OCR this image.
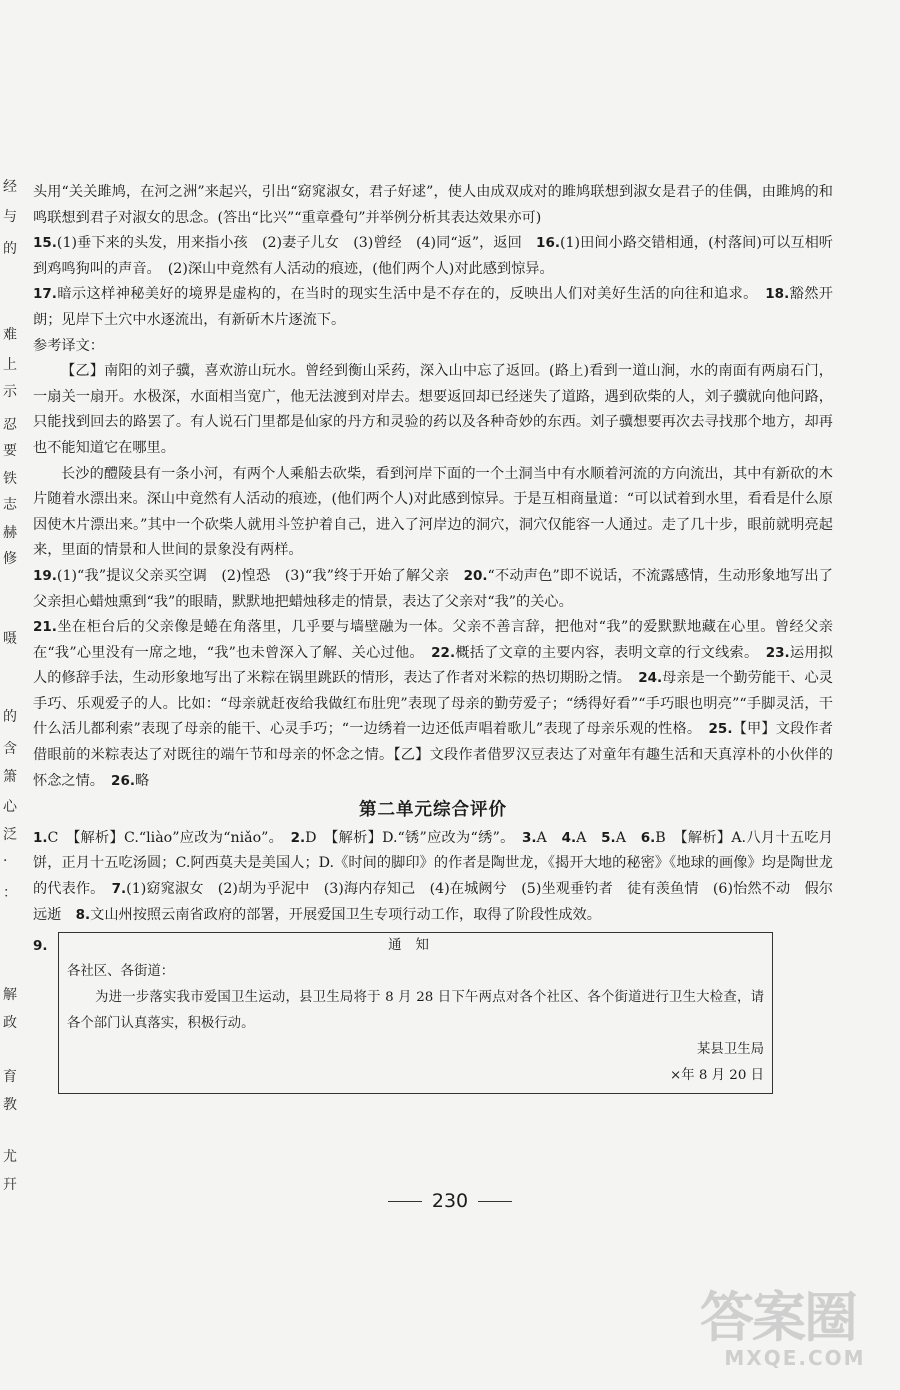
经
与
的
难
上
示
忍
要
铁
志
赫
修
嗫
的
含
箫
心
泛
·
：
解
政
育
教
尤
幵

头用“关关雎鸠，在河之洲”来起兴，引出“窈窕淑女，君子好逑”，使人由成双成对的雎鸠联想到淑女是君子的佳偶，由雎鸠的和鸣联想到君子对淑女的思念。(答出“比兴”“重章叠句”并举例分析其表达效果亦可)

15.(1)垂下来的头发，用来指小孩　(2)妻子儿女　(3)曾经　(4)同“返”，返回　 16.(1)田间小路交错相通，(村落间)可以互相听到鸡鸣狗叫的声音。　(2)深山中竟然有人活动的痕迹，(他们两个人)对此感到惊异。

17.暗示这样神秘美好的境界是虚构的，在当时的现实生活中是不存在的，反映出人们对美好生活的向往和追求。　 18.豁然开朗；见岸下土穴中水逐流出，有新斫木片逐流下。

参考译文：

【乙】南阳的刘子骥，喜欢游山玩水。曾经到衡山采药，深入山中忘了返回。(路上)看到一道山涧，水的南面有两扇石门，一扇关一扇开。水极深，水面相当宽广，他无法渡到对岸去。想要返回却已经迷失了道路，遇到砍柴的人，刘子骥就向他问路，只能找到回去的路罢了。有人说石门里都是仙家的丹方和灵验的药以及各种奇妙的东西。刘子骥想要再次去寻找那个地方，却再也不能知道它在哪里。

长沙的醴陵县有一条小河，有两个人乘船去砍柴，看到河岸下面的一个土洞当中有水顺着河流的方向流出，其中有新砍的木片随着水漂出来。深山中竟然有人活动的痕迹，(他们两个人)对此感到惊异。于是互相商量道：“可以试着到水里，看看是什么原因使木片漂出来。”其中一个砍柴人就用斗笠护着自己，进入了河岸边的洞穴，洞穴仅能容一人通过。走了几十步，眼前就明亮起来，里面的情景和人世间的景象没有两样。

19.(1)“我”提议父亲买空调　(2)惶恐　(3)“我”终于开始了解父亲　 20.“不动声色”即不说话，不流露感情，生动形象地写出了父亲担心蜡烛熏到“我”的眼睛，默默地把蜡烛移走的情景，表达了父亲对“我”的关心。

21.坐在柜台后的父亲像是蜷在角落里，几乎要与墙壁融为一体。父亲不善言辞，把他对“我”的爱默默地藏在心里。曾经父亲在“我”心里没有一席之地，“我”也未曾深入了解、关心过他。　 22.概括了文章的主要内容，表明文章的行文线索。　 23.运用拟人的修辞手法，生动形象地写出了米粽在锅里跳跃的情形，表达了作者对米粽的热切期盼之情。　 24.母亲是一个勤劳能干、心灵手巧、乐观爱子的人。比如：“母亲就赶夜给我做红布肚兜”表现了母亲的勤劳爱子；“绣得好看”“手巧眼也明亮”“手脚灵活，干什么活儿都利索”表现了母亲的能干、心灵手巧；“一边绣着一边还低声唱着歌儿”表现了母亲乐观的性格。　 25.【甲】文段作者借眼前的米粽表达了对既往的端午节和母亲的怀念之情。【乙】文段作者借罗汉豆表达了对童年有趣生活和天真淳朴的小伙伴的怀念之情。　 26.略

第二单元综合评价

1.C　【解析】C.“liào”应改为“niǎo”。　 2.D　【解析】D.“锈”应改为“绣”。　 3.A　 4.A　 5.A　 6.B　【解析】A.八月十五吃月饼，正月十五吃汤圆；C.阿西莫夫是美国人；D.《时间的脚印》的作者是陶世龙，《揭开大地的秘密》《地球的画像》均是陶世龙的代表作。　 7.(1)窈窕淑女　(2)胡为乎泥中　(3)海内存知己　(4)在城阙兮　(5)坐观垂钓者　徒有羡鱼情　(6)怡然不动　假尔远逝　 8.文山州按照云南省政府的部署，开展爱国卫生专项行动工作，取得了阶段性成效。

9.	通知
各社区、各街道：
为进一步落实我市爱国卫生运动，县卫生局将于 8 月 28 日下午两点对各个社区、各个街道进行卫生大检查，请各个部门认真落实，积极行动。
某县卫生局
×年 8 月 20 日
230
答案圈
MXQE.COM
